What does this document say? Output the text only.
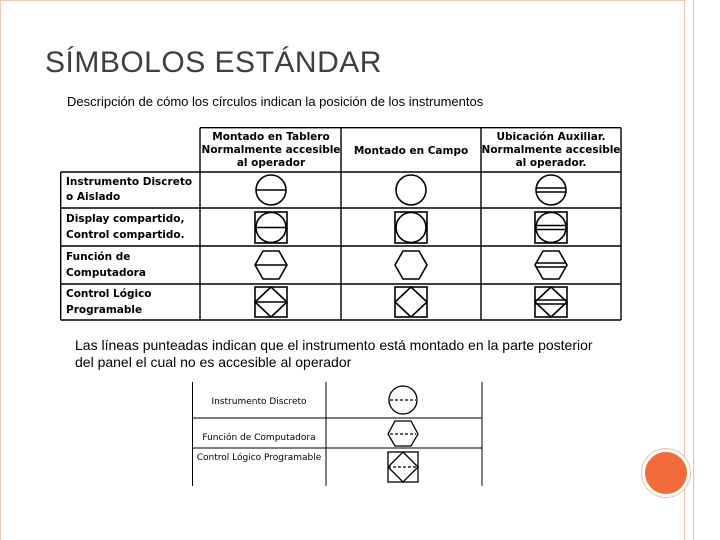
SÍMBOLOS ESTÁNDAR
Descripción de cómo los círculos indican la posición de los instrumentos
Montado en Tablero
Normalmente accesible
al operador
Montado en Campo
Ubicación Auxiliar.
Normalmente accesible
al operador.
Instrumento Discreto
o Aislado
Display compartido,
Control compartido.
Función de
Computadora
Control Lógico
Programable
Las líneas punteadas indican que el instrumento está montado en la parte posterior del panel el cual no es accesible al operador
Instrumento Discreto
Función de Computadora
Control Lógico Programable
